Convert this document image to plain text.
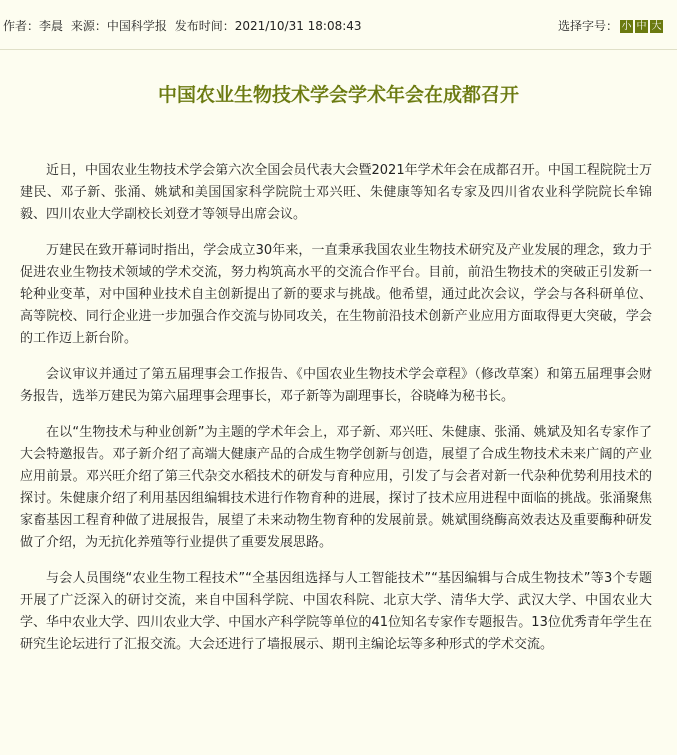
作者：李晨 来源：中国科学报 发布时间：2021/10/31 18:08:43	选择字号： 小 中 大
中国农业生物技术学会学术年会在成都召开

近日，中国农业生物技术学会第六次全国会员代表大会暨2021年学术年会在成都召开。中国工程院院士万建民、邓子新、张涌、姚斌和美国国家科学院院士邓兴旺、朱健康等知名专家及四川省农业科学院院长牟锦毅、四川农业大学副校长刘登才等领导出席会议。

万建民在致开幕词时指出，学会成立30年来，一直秉承我国农业生物技术研究及产业发展的理念，致力于促进农业生物技术领域的学术交流，努力构筑高水平的交流合作平台。目前，前沿生物技术的突破正引发新一轮种业变革，对中国种业技术自主创新提出了新的要求与挑战。他希望，通过此次会议，学会与各科研单位、高等院校、同行企业进一步加强合作交流与协同攻关，在生物前沿技术创新产业应用方面取得更大突破，学会的工作迈上新台阶。

会议审议并通过了第五届理事会工作报告、《中国农业生物技术学会章程》（修改草案）和第五届理事会财务报告，选举万建民为第六届理事会理事长，邓子新等为副理事长，谷晓峰为秘书长。

在以“生物技术与种业创新”为主题的学术年会上，邓子新、邓兴旺、朱健康、张涌、姚斌及知名专家作了大会特邀报告。邓子新介绍了高端大健康产品的合成生物学创新与创造，展望了合成生物技术未来广阔的产业应用前景。邓兴旺介绍了第三代杂交水稻技术的研发与育种应用，引发了与会者对新一代杂种优势利用技术的探讨。朱健康介绍了利用基因组编辑技术进行作物育种的进展，探讨了技术应用进程中面临的挑战。张涌聚焦家畜基因工程育种做了进展报告，展望了未来动物生物育种的发展前景。姚斌围绕酶高效表达及重要酶种研发做了介绍，为无抗化养殖等行业提供了重要发展思路。

与会人员围绕“农业生物工程技术”“全基因组选择与人工智能技术”“基因编辑与合成生物技术”等3个专题开展了广泛深入的研讨交流，来自中国科学院、中国农科院、北京大学、清华大学、武汉大学、中国农业大学、华中农业大学、四川农业大学、中国水产科学院等单位的41位知名专家作专题报告。13位优秀青年学生在研究生论坛进行了汇报交流。大会还进行了墙报展示、期刊主编论坛等多种形式的学术交流。
